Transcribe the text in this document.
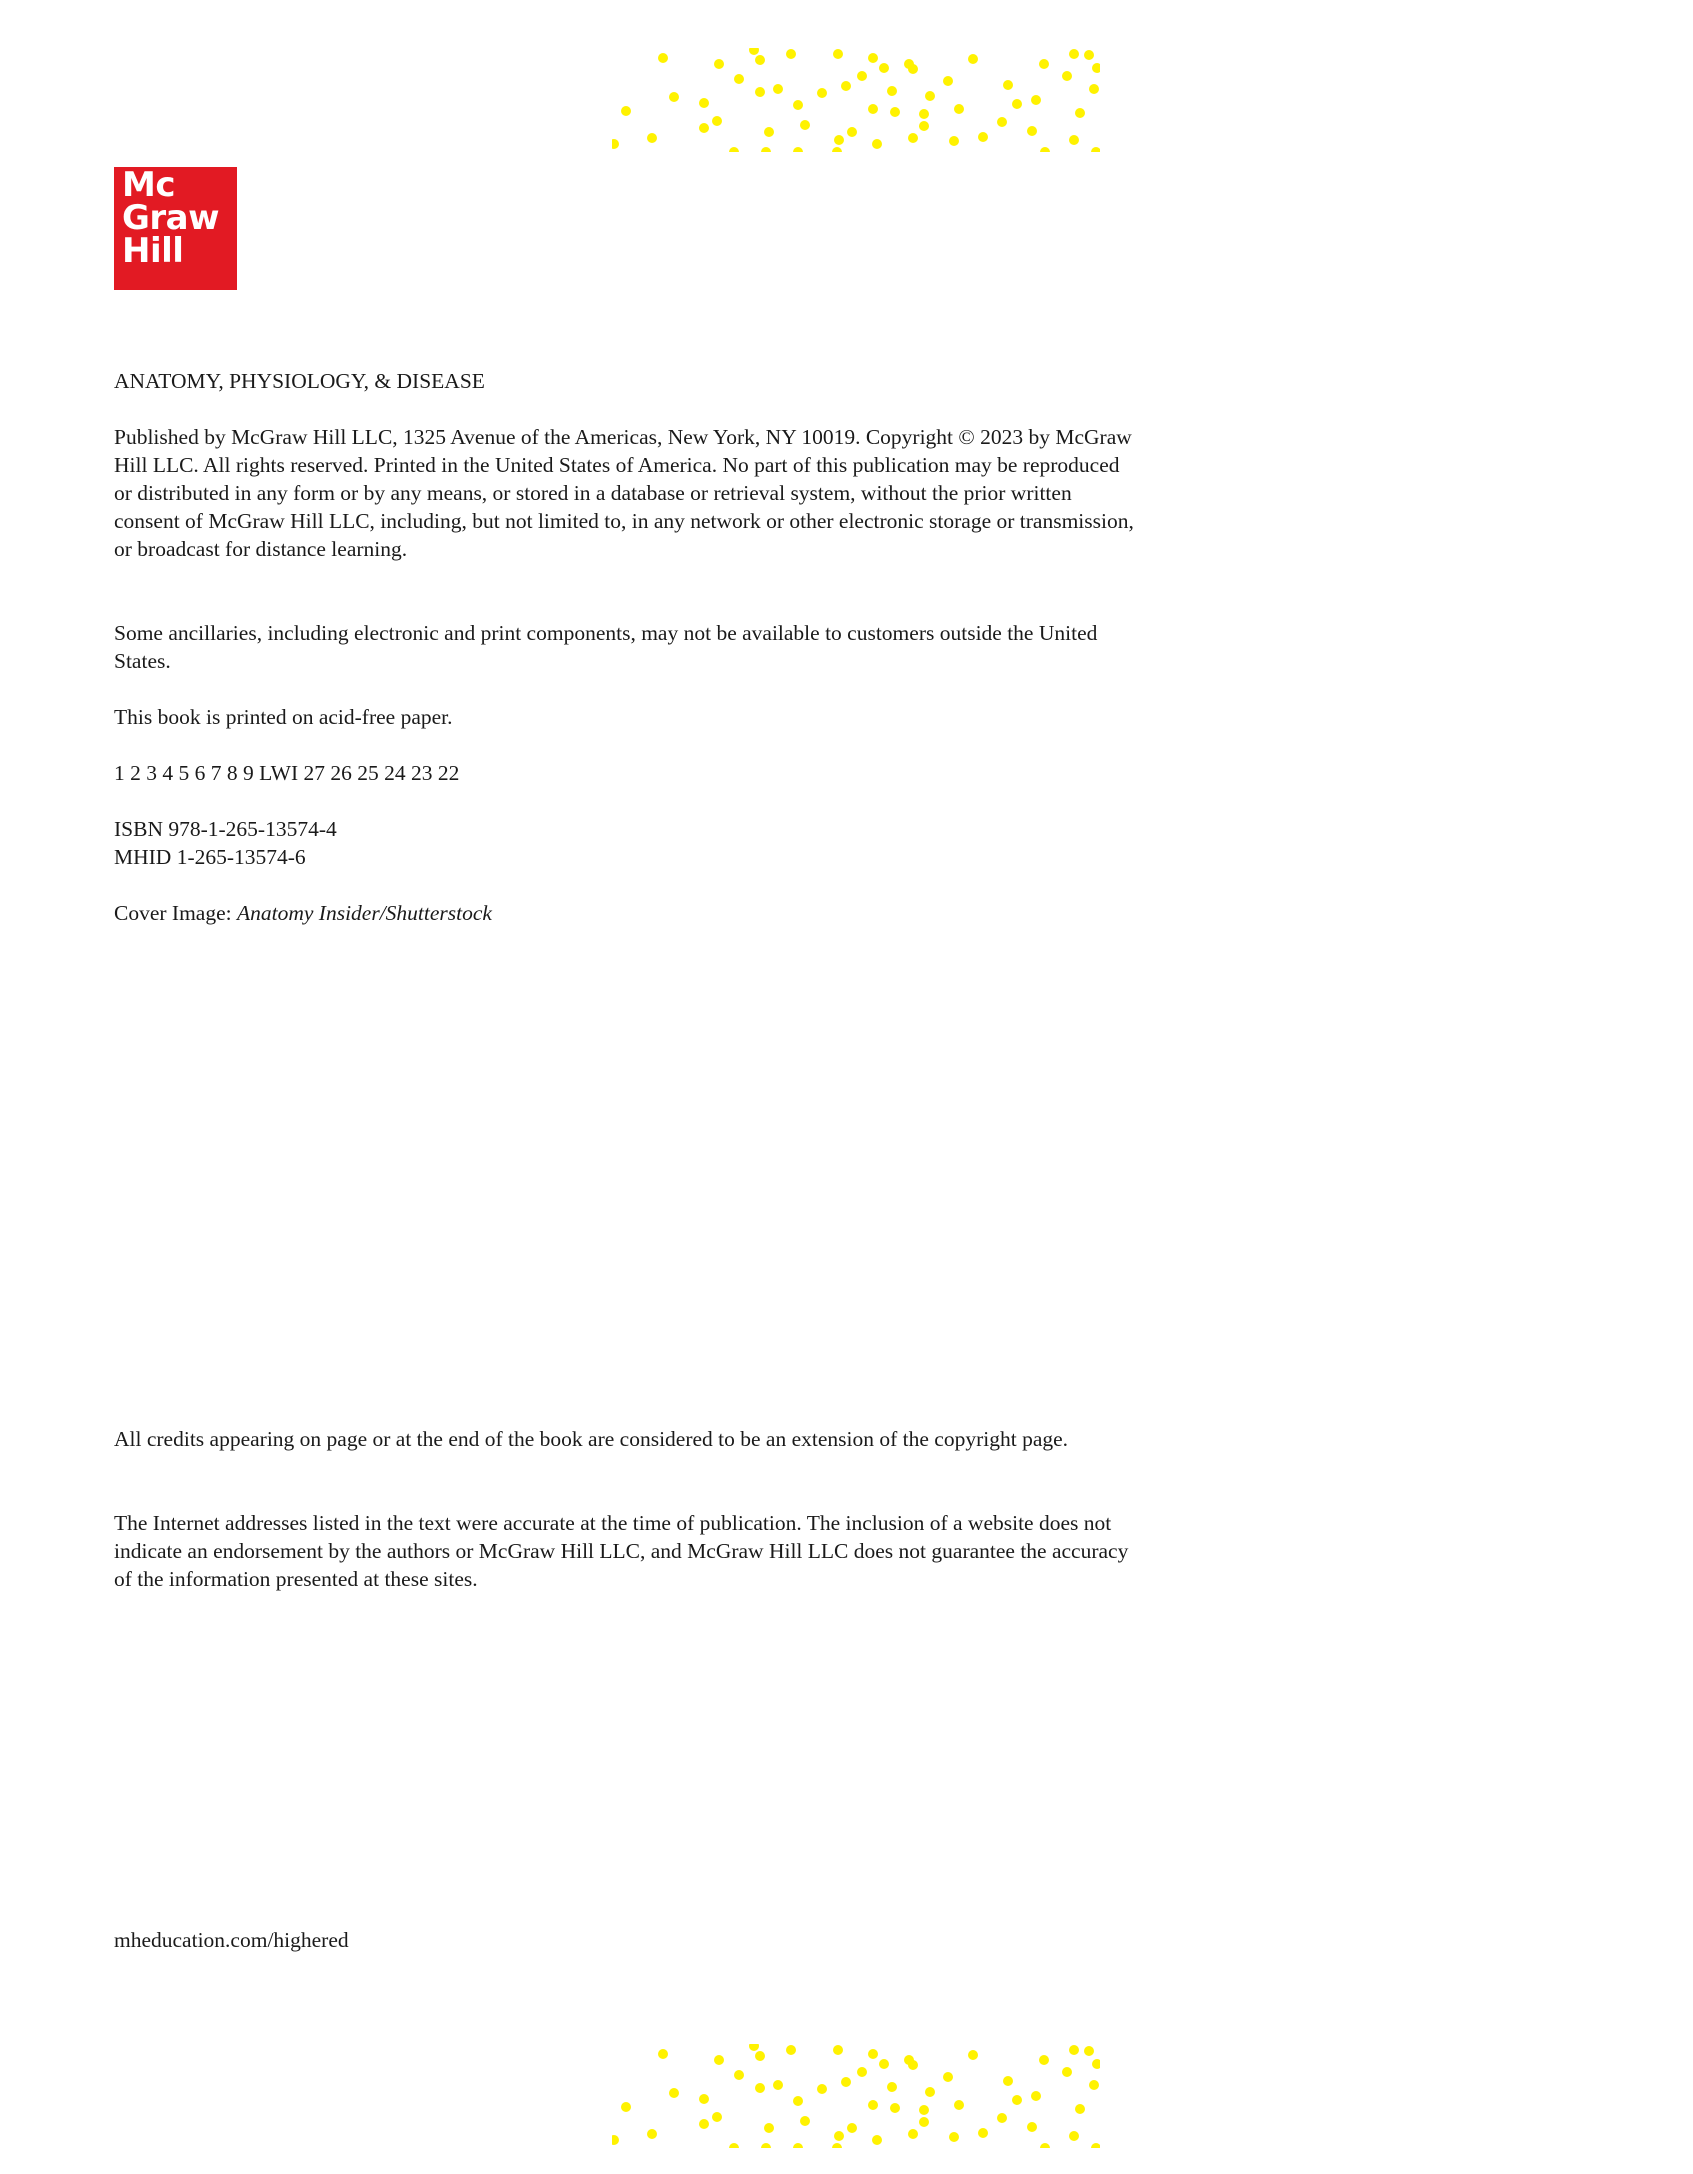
Mc
Graw
Hill

ANATOMY, PHYSIOLOGY, & DISEASE

Published by McGraw Hill LLC, 1325 Avenue of the Americas, New York, NY 10019. Copyright © 2023 by McGraw Hill LLC. All rights reserved. Printed in the United States of America. No part of this publication may be reproduced or distributed in any form or by any means, or stored in a database or retrieval system, without the prior written consent of McGraw Hill LLC, including, but not limited to, in any network or other electronic storage or transmission, or broadcast for distance learning.

Some ancillaries, including electronic and print components, may not be available to customers outside the United States.

This book is printed on acid-free paper.

1 2 3 4 5 6 7 8 9 LWI 27 26 25 24 23 22

ISBN 978-1-265-13574-4

MHID 1-265-13574-6

Cover Image: Anatomy Insider/Shutterstock

All credits appearing on page or at the end of the book are considered to be an extension of the copyright page.

The Internet addresses listed in the text were accurate at the time of publication. The inclusion of a website does not indicate an endorsement by the authors or McGraw Hill LLC, and McGraw Hill LLC does not guarantee the accuracy of the information presented at these sites.

mheducation.com/highered
